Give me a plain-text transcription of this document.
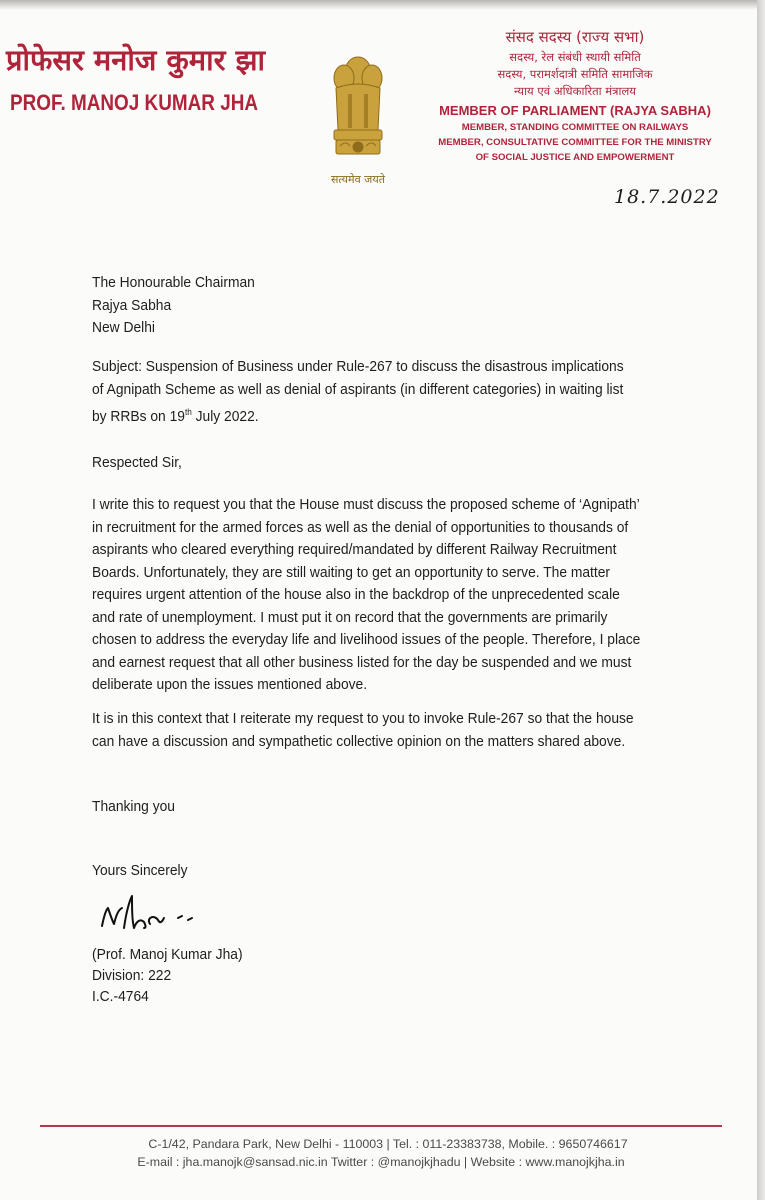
प्रोफेसर मनोज कुमार झा
PROF. MANOJ KUMAR JHA
सत्यमेव जयते
संसद सदस्य (राज्य सभा)
सदस्य, रेल संबंधी स्थायी समिति
सदस्य, परामर्शदात्री समिति सामाजिक
न्याय एवं अधिकारिता मंत्रालय
MEMBER OF PARLIAMENT (RAJYA SABHA)
MEMBER, STANDING COMMITTEE ON RAILWAYS
MEMBER, CONSULTATIVE COMMITTEE FOR THE MINISTRY
OF SOCIAL JUSTICE AND EMPOWERMENT
18.7.2022
The Honourable Chairman
Rajya Sabha
New Delhi
Subject: Suspension of Business under Rule-267 to discuss the disastrous implications
of Agnipath Scheme as well as denial of aspirants (in different categories) in waiting list
by RRBs on 19th July 2022.
Respected Sir,
I write this to request you that the House must discuss the proposed scheme of ‘Agnipath’
in recruitment for the armed forces as well as the denial of opportunities to thousands of
aspirants who cleared everything required/mandated by different Railway Recruitment
Boards. Unfortunately, they are still waiting to get an opportunity to serve. The matter
requires urgent attention of the house also in the backdrop of the unprecedented scale
and rate of unemployment. I must put it on record that the governments are primarily
chosen to address the everyday life and livelihood issues of the people. Therefore, I place
and earnest request that all other business listed for the day be suspended and we must
deliberate upon the issues mentioned above.
It is in this context that I reiterate my request to you to invoke Rule-267 so that the house
can have a discussion and sympathetic collective opinion on the matters shared above.
Thanking you
Yours Sincerely
(Prof. Manoj Kumar Jha)
Division: 222
I.C.-4764
C-1/42, Pandara Park, New Delhi - 110003 | Tel. : 011-23383738, Mobile. : 9650746617
E-mail : jha.manojk@sansad.nic.in Twitter : @manojkjhadu | Website : www.manojkjha.in
